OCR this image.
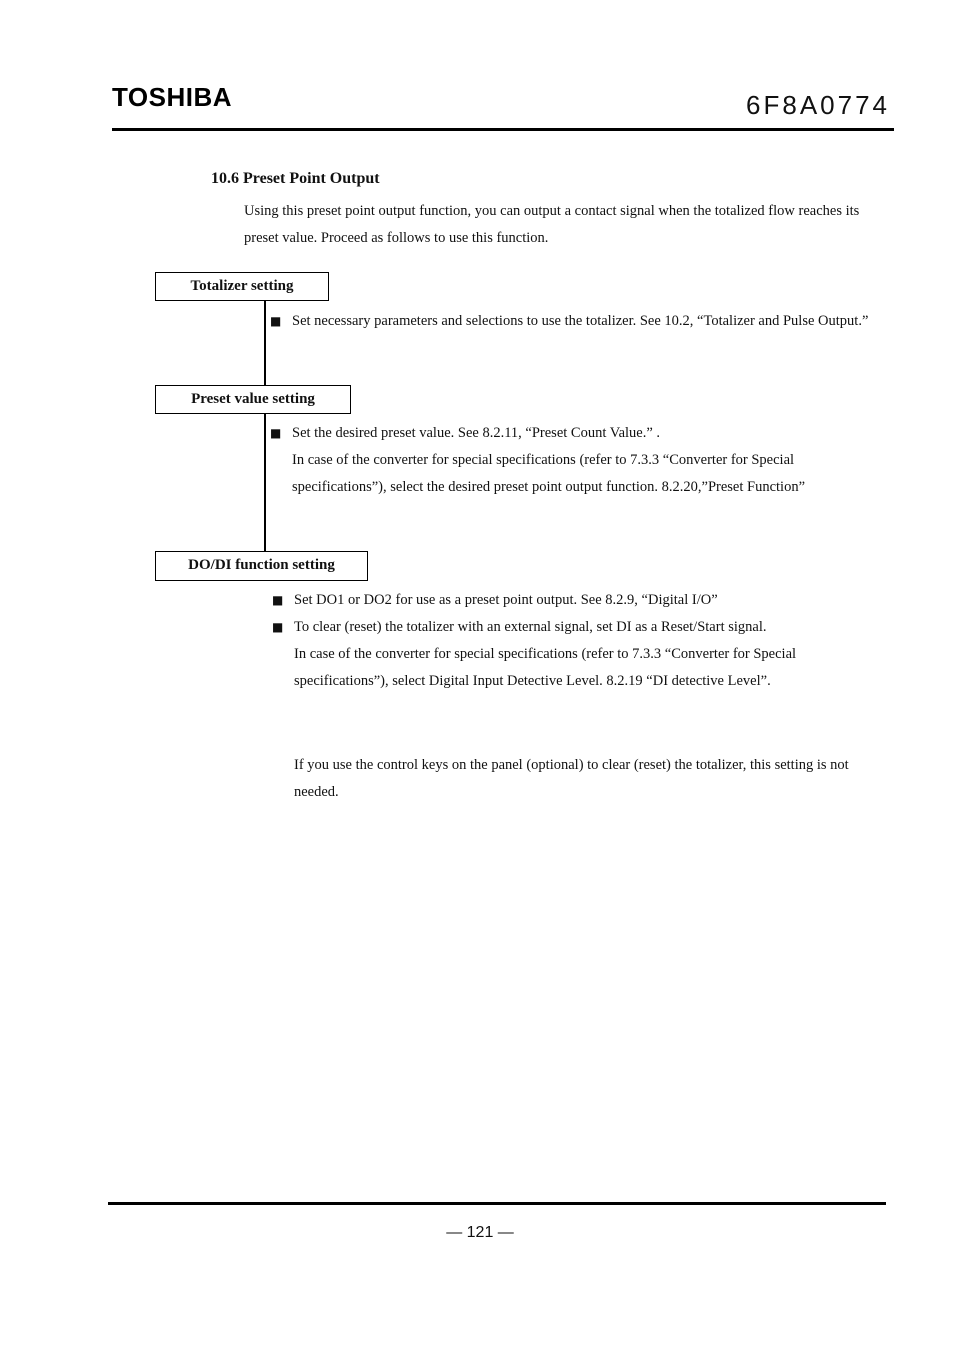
TOSHIBA	6F8A0774
10.6 Preset Point Output
Using this preset point output function, you can output a contact signal when the totalized flow reaches its preset value. Proceed as follows to use this function.
Totalizer setting
■ Set necessary parameters and selections to use the totalizer. See 10.2, “Totalizer and Pulse Output.”
Preset value setting
■ Set the desired preset value. See 8.2.11, “Preset Count Value.” .
In case of the converter for special specifications (refer to 7.3.3 “Converter for Special specifications”), select the desired preset point output function. 8.2.20,”Preset Function”
DO/DI function setting
■ Set DO1 or DO2 for use as a preset point output. See 8.2.9, “Digital I/O”
■ To clear (reset) the totalizer with an external signal, set DI as a Reset/Start signal.
In case of the converter for special specifications (refer to 7.3.3 “Converter for Special specifications”), select Digital Input Detective Level. 8.2.19 “DI detective Level”.
If you use the control keys on the panel (optional) to clear (reset) the totalizer, this setting is not needed.
— 121 —
